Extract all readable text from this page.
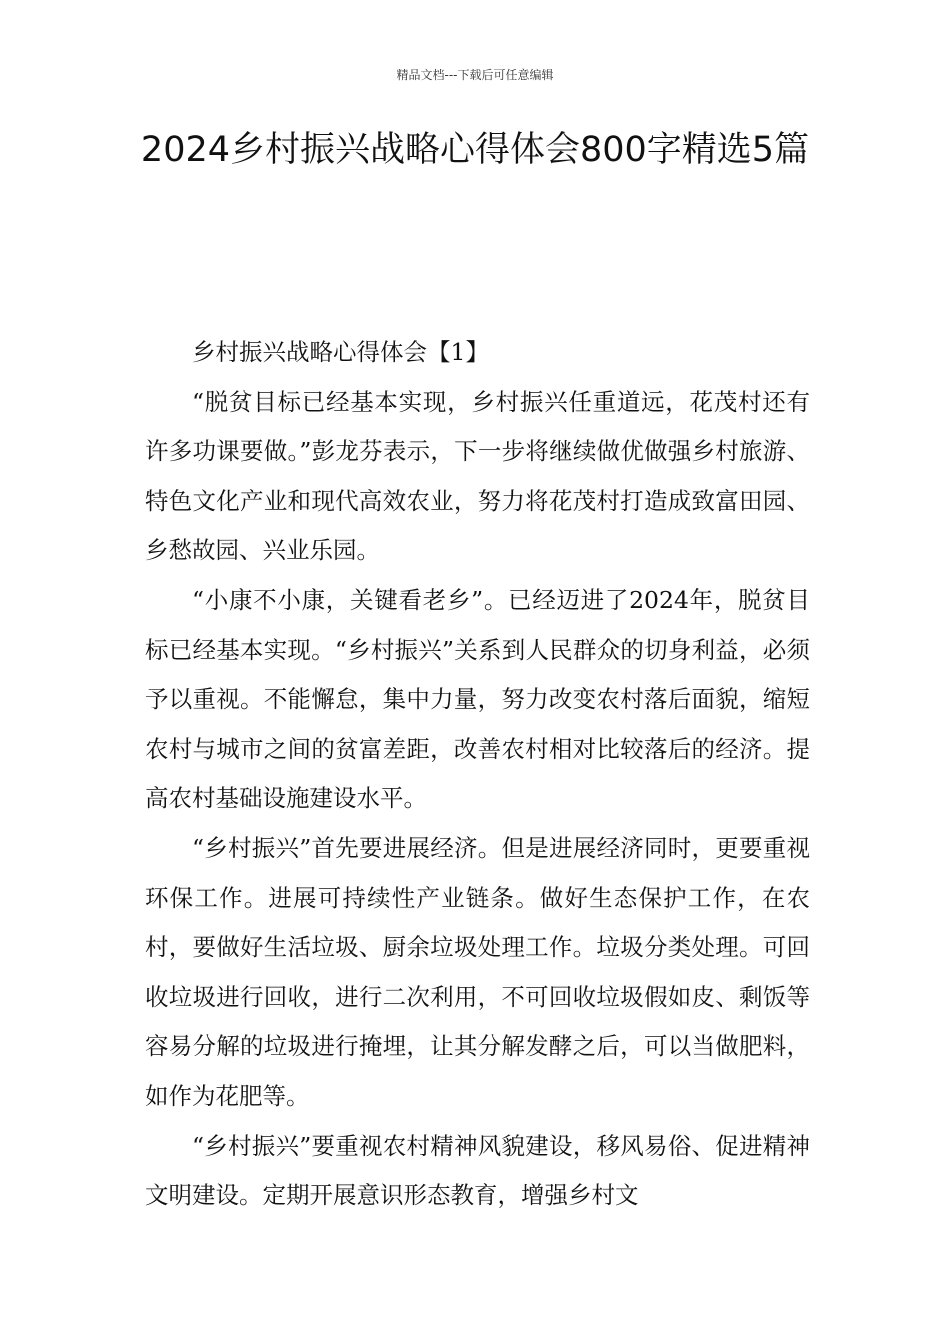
精品文档---下载后可任意编辑
2024乡村振兴战略心得体会800字精选5篇

乡村振兴战略心得体会【1】

“脱贫目标已经基本实现，乡村振兴任重道远，花茂村还有许多功课要做。”彭龙芬表示，下一步将继续做优做强乡村旅游、特色文化产业和现代高效农业，努力将花茂村打造成致富田园、乡愁故园、兴业乐园。

“小康不小康，关键看老乡”。已经迈进了2024年，脱贫目标已经基本实现。“乡村振兴”关系到人民群众的切身利益，必须予以重视。不能懈怠，集中力量，努力改变农村落后面貌，缩短农村与城市之间的贫富差距，改善农村相对比较落后的经济。提高农村基础设施建设水平。

“乡村振兴”首先要进展经济。但是进展经济同时，更要重视环保工作。进展可持续性产业链条。做好生态保护工作，在农村，要做好生活垃圾、厨余垃圾处理工作。垃圾分类处理。可回收垃圾进行回收，进行二次利用，不可回收垃圾假如皮、剩饭等容易分解的垃圾进行掩埋，让其分解发酵之后，可以当做肥料，如作为花肥等。

“乡村振兴”要重视农村精神风貌建设，移风易俗、促进精神文明建设。定期开展意识形态教育，增强乡村文
